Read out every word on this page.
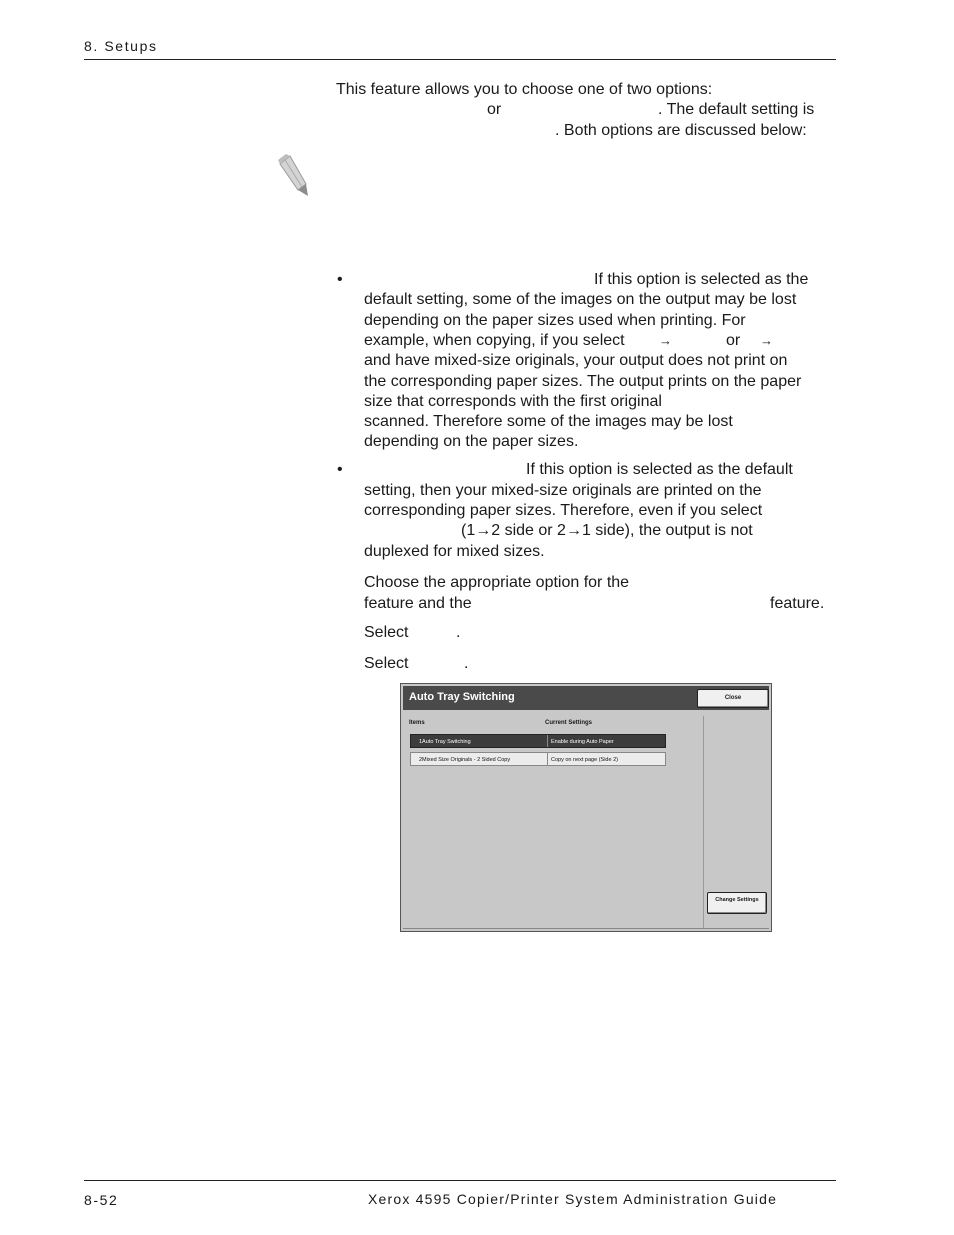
8. Setups
This feature allows you to choose one of two options:
or	. The default setting is
. Both options are discussed below:
•	If this option is selected as the
default setting, some of the images on the output may be lost
depending on the paper sizes used when printing. For
example, when copying, if you select	→	or →
and have mixed-size originals, your output does not print on
the corresponding paper sizes. The output prints on the paper
size that corresponds with the first original
scanned. Therefore some of the images may be lost
depending on the paper sizes.
•	If this option is selected as the default
setting, then your mixed-size originals are printed on the
corresponding paper sizes. Therefore, even if you select
(1→2 side or 2→1 side), the output is not
duplexed for mixed sizes.
Choose the appropriate option for the
feature and the	feature.
Select	.
Select	.
Auto Tray Switching	Close
Items	Current Settings
1Auto Tray Switching	Enable during Auto Paper
2Mixed Size Originals - 2 Sided Copy	Copy on next page (Side 2)
Change Settings
8-52	Xerox 4595 Copier/Printer System Administration Guide
